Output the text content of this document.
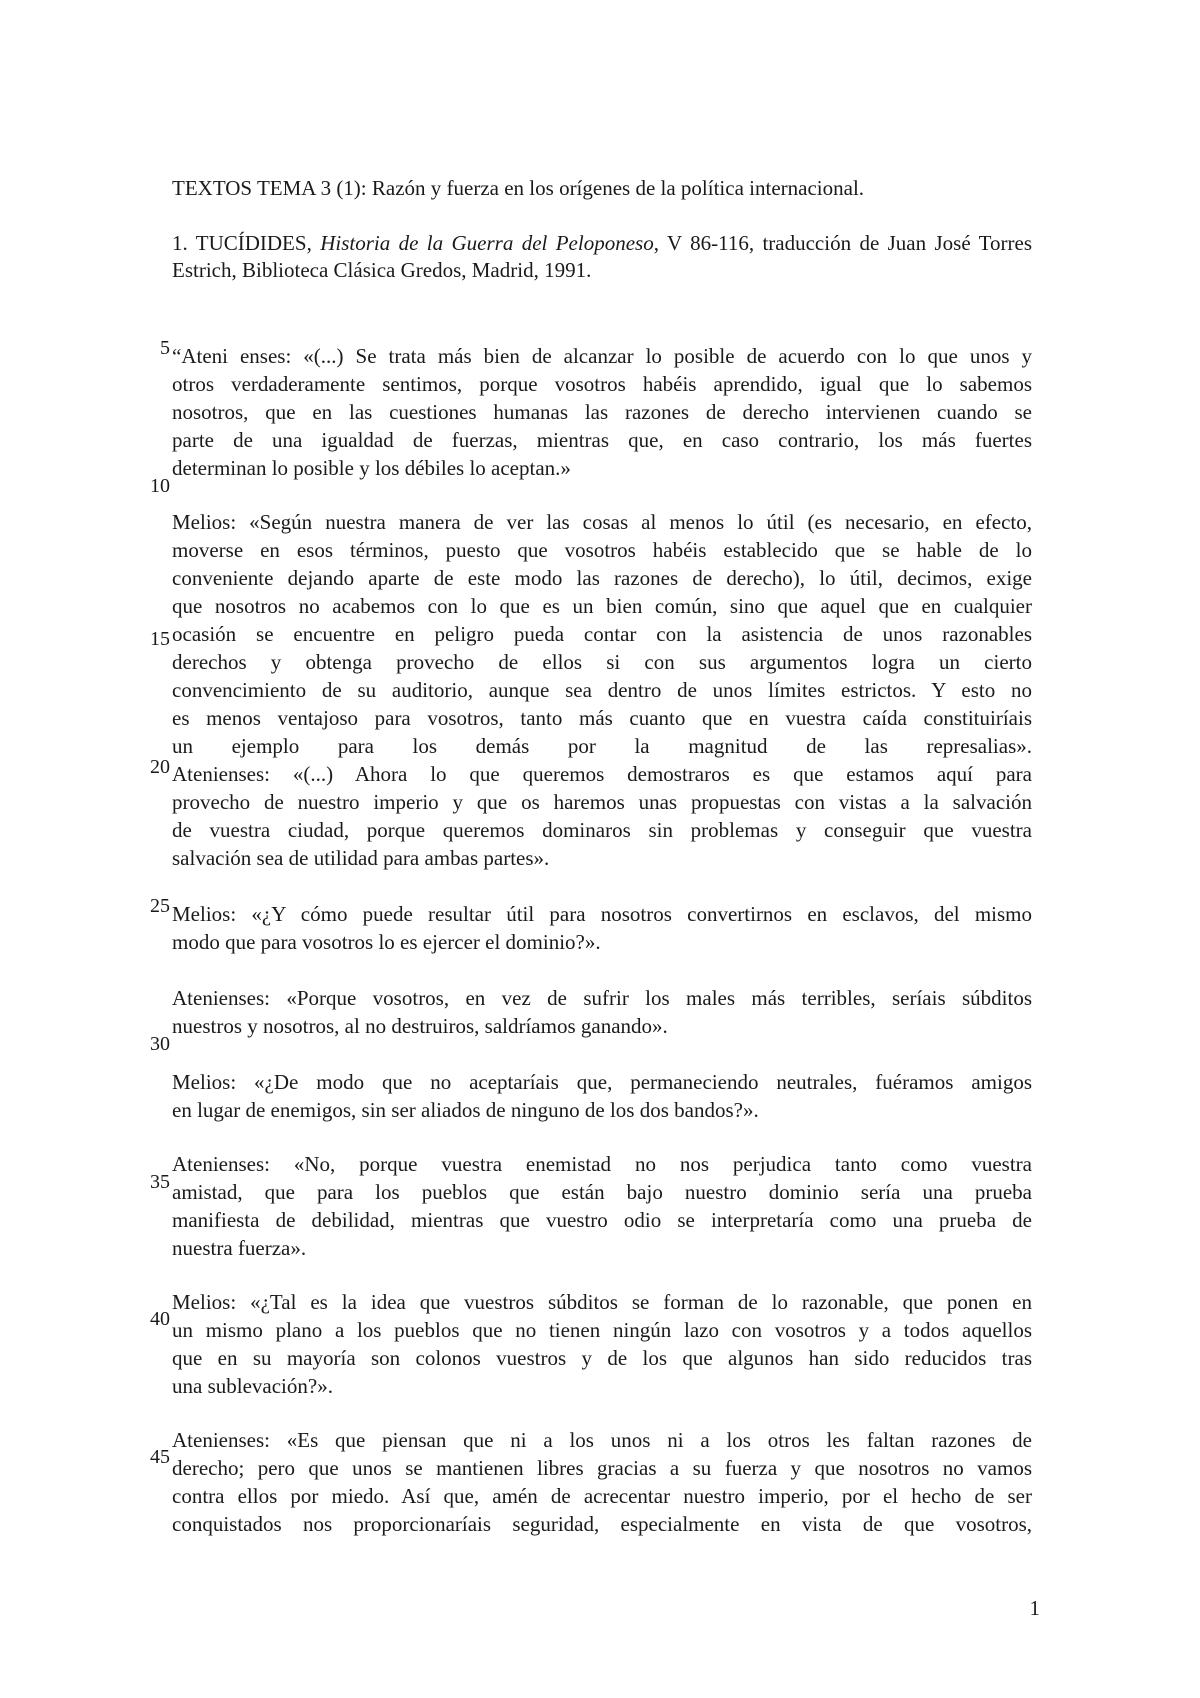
TEXTOS TEMA 3 (1): Razón y fuerza en los orígenes de la política internacional.
1. TUCÍDIDES, Historia de la Guerra del Peloponeso, V 86-116, traducción de Juan José Torres Estrich, Biblioteca Clásica Gredos, Madrid, 1991.
5
10
15
20
25
30
35
40
45
“Ateni enses: «(...) Se trata más bien de alcanzar lo posible de acuerdo con lo que unos y
otros verdaderamente sentimos, porque vosotros habéis aprendido, igual que lo sabemos
nosotros, que en las cuestiones humanas las razones de derecho intervienen cuando se
parte de una igualdad de fuerzas, mientras que, en caso contrario, los más fuertes
determinan lo posible y los débiles lo aceptan.»
Melios: «Según nuestra manera de ver las cosas al menos lo útil (es necesario, en efecto,
moverse en esos términos, puesto que vosotros habéis establecido que se hable de lo
conveniente dejando aparte de este modo las razones de derecho), lo útil, decimos, exige
que nosotros no acabemos con lo que es un bien común, sino que aquel que en cualquier
ocasión se encuentre en peligro pueda contar con la asistencia de unos razonables
derechos y obtenga provecho de ellos si con sus argumentos logra un cierto
convencimiento de su auditorio, aunque sea dentro de unos límites estrictos. Y esto no
es menos ventajoso para vosotros, tanto más cuanto que en vuestra caída constituiríais
un ejemplo para los demás por la magnitud de las represalias».
Atenienses: «(...) Ahora lo que queremos demostraros es que estamos aquí para
provecho de nuestro imperio y que os haremos unas propuestas con vistas a la salvación
de vuestra ciudad, porque queremos dominaros sin problemas y conseguir que vuestra
salvación sea de utilidad para ambas partes».
Melios: «¿Y cómo puede resultar útil para nosotros convertirnos en esclavos, del mismo
modo que para vosotros lo es ejercer el dominio?».
Atenienses: «Porque vosotros, en vez de sufrir los males más terribles, seríais súbditos
nuestros y nosotros, al no destruiros, saldríamos ganando».
Melios: «¿De modo que no aceptaríais que, permaneciendo neutrales, fuéramos amigos
en lugar de enemigos, sin ser aliados de ninguno de los dos bandos?».
Atenienses: «No, porque vuestra enemistad no nos perjudica tanto como vuestra
amistad, que para los pueblos que están bajo nuestro dominio sería una prueba
manifiesta de debilidad, mientras que vuestro odio se interpretaría como una prueba de
nuestra fuerza».
Melios: «¿Tal es la idea que vuestros súbditos se forman de lo razonable, que ponen en
un mismo plano a los pueblos que no tienen ningún lazo con vosotros y a todos aquellos
que en su mayoría son colonos vuestros y de los que algunos han sido reducidos tras
una sublevación?».
Atenienses: «Es que piensan que ni a los unos ni a los otros les faltan razones de
derecho; pero que unos se mantienen libres gracias a su fuerza y que nosotros no vamos
contra ellos por miedo. Así que, amén de acrecentar nuestro imperio, por el hecho de ser
conquistados nos proporcionaríais seguridad, especialmente en vista de que vosotros,
1
